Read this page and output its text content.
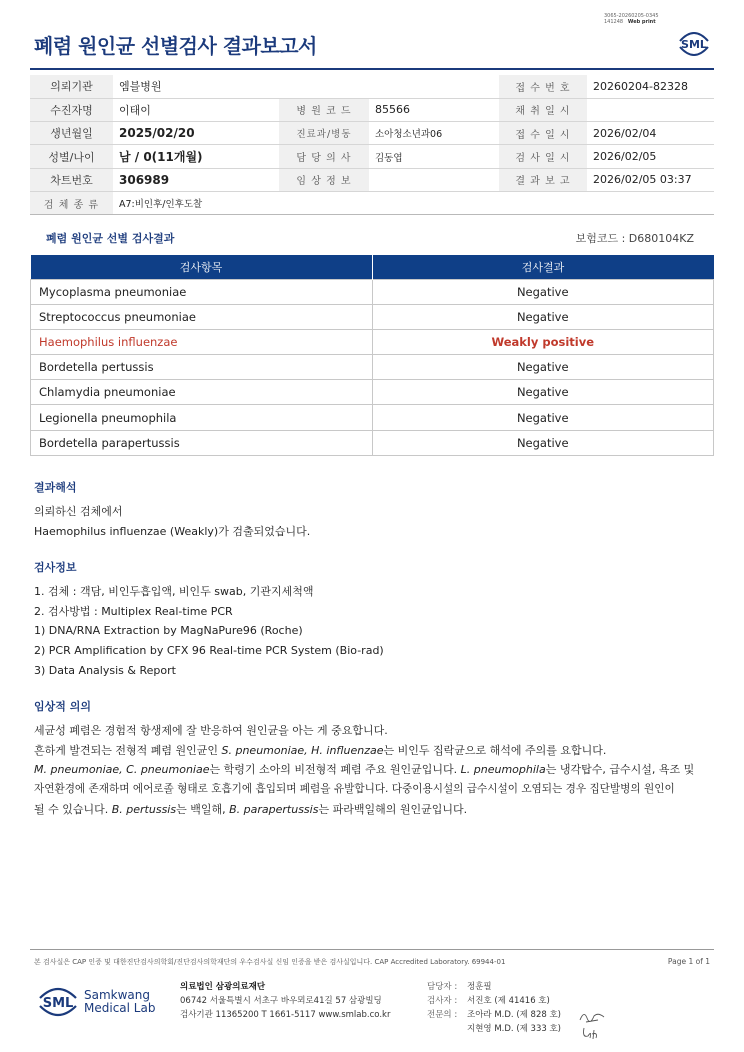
3065-20260205-0345
141248 Web print
폐렴 원인균 선별검사 결과보고서	SML
의뢰기관	엠블병원			접 수 번 호	20260204-82328
수진자명	이태이	병 원 코 드	85566	채 취 일 시	
생년월일	2025/02/20	진료과/병동	소아청소년과06	접 수 일 시	2026/02/04
성별/나이	남 / 0(11개월)	담 당 의 사	김동엽	검 사 일 시	2026/02/05
차트번호	306989	임 상 정 보		결 과 보 고	2026/02/05 03:37
검 체 종 류	A7:비인후/인후도찰				
폐렴 원인균 선별 검사결과	보험코드 : D680104KZ
검사항목	검사결과
Mycoplasma pneumoniae	Negative
Streptococcus pneumoniae	Negative
Haemophilus influenzae	Weakly positive
Bordetella pertussis	Negative
Chlamydia pneumoniae	Negative
Legionella pneumophila	Negative
Bordetella parapertussis	Negative
결과해석
의뢰하신 검체에서
Haemophilus influenzae (Weakly)가 검출되었습니다.
검사정보
1. 검체 : 객담, 비인두흡입액, 비인두 swab, 기관지세척액
2. 검사방법 : Multiplex Real-time PCR
1) DNA/RNA Extraction by MagNaPure96 (Roche)
2) PCR Amplification by CFX 96 Real-time PCR System (Bio-rad)
3) Data Analysis & Report
임상적 의의
세균성 폐렴은 경험적 항생제에 잘 반응하여 원인균을 아는 게 중요합니다.
흔하게 발견되는 전형적 폐렴 원인균인 S. pneumoniae, H. influenzae는 비인두 집락균으로 해석에 주의를 요합니다.
M. pneumoniae, C. pneumoniae는 학령기 소아의 비전형적 폐렴 주요 원인균입니다. L. pneumophila는 냉각탑수, 급수시설, 욕조 및
자연환경에 존재하며 에어로졸 형태로 호흡기에 흡입되며 폐렴을 유발합니다. 다중이용시설의 급수시설이 오염되는 경우 집단발병의 원인이
될 수 있습니다. B. pertussis는 백일해, B. parapertussis는 파라백일해의 원인균입니다.
본 검사실은 CAP 인증 및 대한진단검사의학회/진단검사의학재단의 우수검사실 신임 인증을 받은 검사실입니다. CAP Accredited Laboratory. 69944-01	Page 1 of 1
SML
Samkwang
Medical Lab
의료법인 삼광의료재단
06742 서울특별시 서초구 바우뫼로41길 57 삼광빌딩
검사기관 11365200 T 1661-5117 www.smlab.co.kr
담당자 : 정훈필
검사자 : 서진호 (제 41416 호)
전문의 : 조아라 M.D. (제 828 호)
지현영 M.D. (제 333 호)
